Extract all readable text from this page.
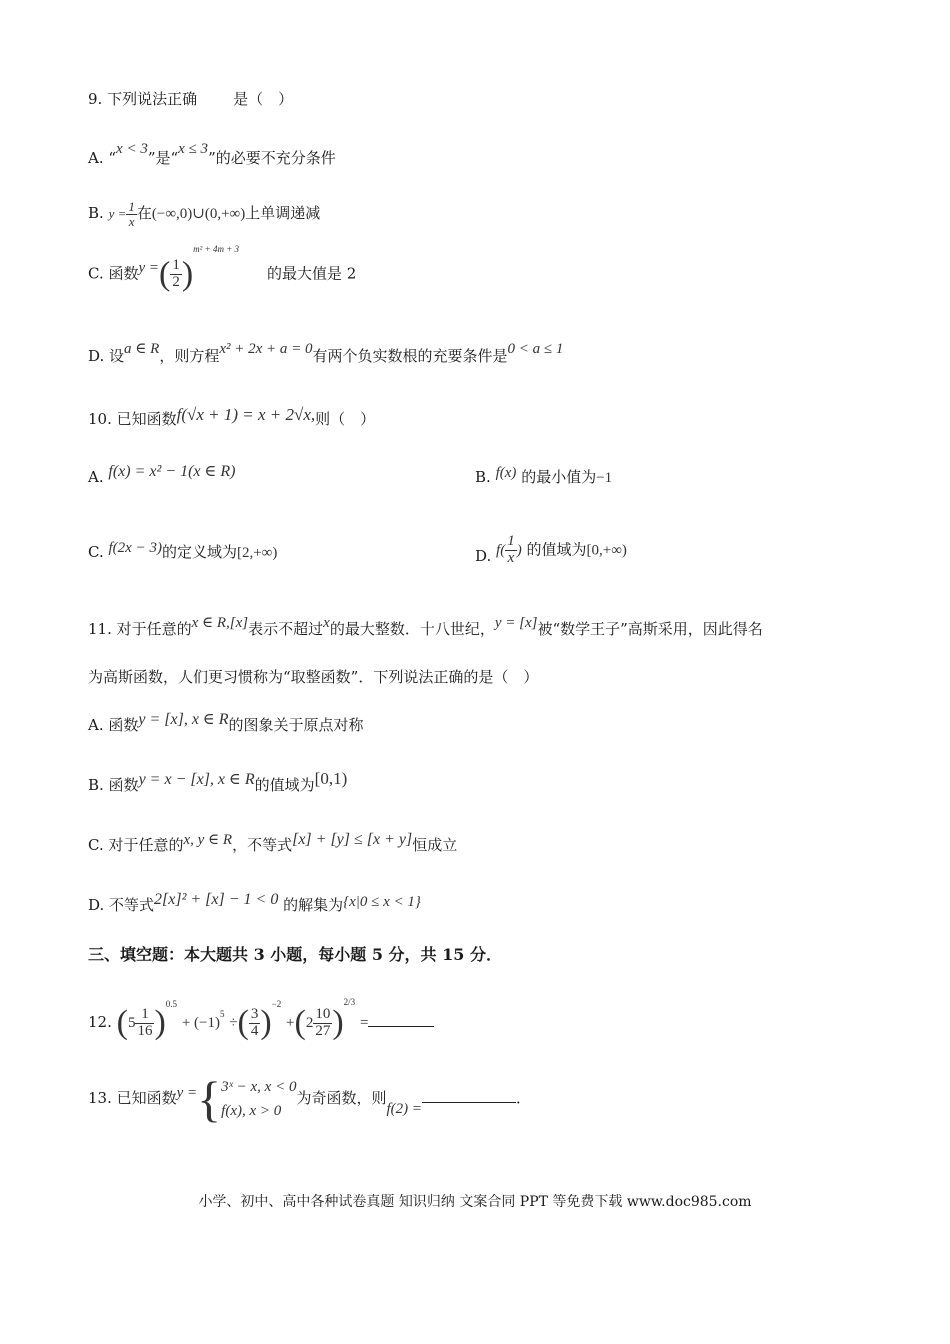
9. 下列说法正确 是（　）
A. “x < 3”是“x ≤ 3”的必要不充分条件
B. $y = \frac{1}{x}$ 在(−∞,0)∪(0,+∞)上单调递减
C. 函数y =( $\frac{1}{2} )^{m^2 + 4m + 3}$的最大值是 2
D. 设a ∈ R，则方程x² + 2x + a = 0有两个负实数根的充要条件是0 < a ≤ 1
10. 已知函数f(√x + 1) = x + 2√x,则（　）
A. f(x) = x² − 1(x ∈ R)	B. f(x) 的最小值为−1
C. f(2x − 3)的定义域为[2,+∞)	D. $f( \frac{1}{x}$ ) 的值域为[0,+∞)
11. 对于任意的x ∈ R,[x]表示不超过x的最大整数．十八世纪，y = [x]被“数学王子”高斯采用，因此得名
为高斯函数，人们更习惯称为“取整函数”．下列说法正确的是（　）
A. 函数y = [x], x ∈ R的图象关于原点对称
B. 函数y = x − [x], x ∈ R的值域为[0,1)
C. 对于任意的x, y ∈ R，不等式[x] + [y] ≤ [x + y]恒成立
D. 不等式2[x]² + [x] − 1 < 0 的解集为{x|0 ≤ x < 1}
三、填空题：本大题共 3 小题，每小题 5 分，共 15 分．
12. $(5 \frac{1}{16} )^{0.5} + (-1)^5$ ÷( $\frac{3}{4} )^{-2} +(2 \frac{10}{27} )^{2/3}$ =
13. 已知函数y ={ 3ˣ − x, x < 0
f(x), x > 0
为奇函数，则f(2) =．
小学、初中、高中各种试卷真题 知识归纳 文案合同 PPT 等免费下载 www.doc985.com
